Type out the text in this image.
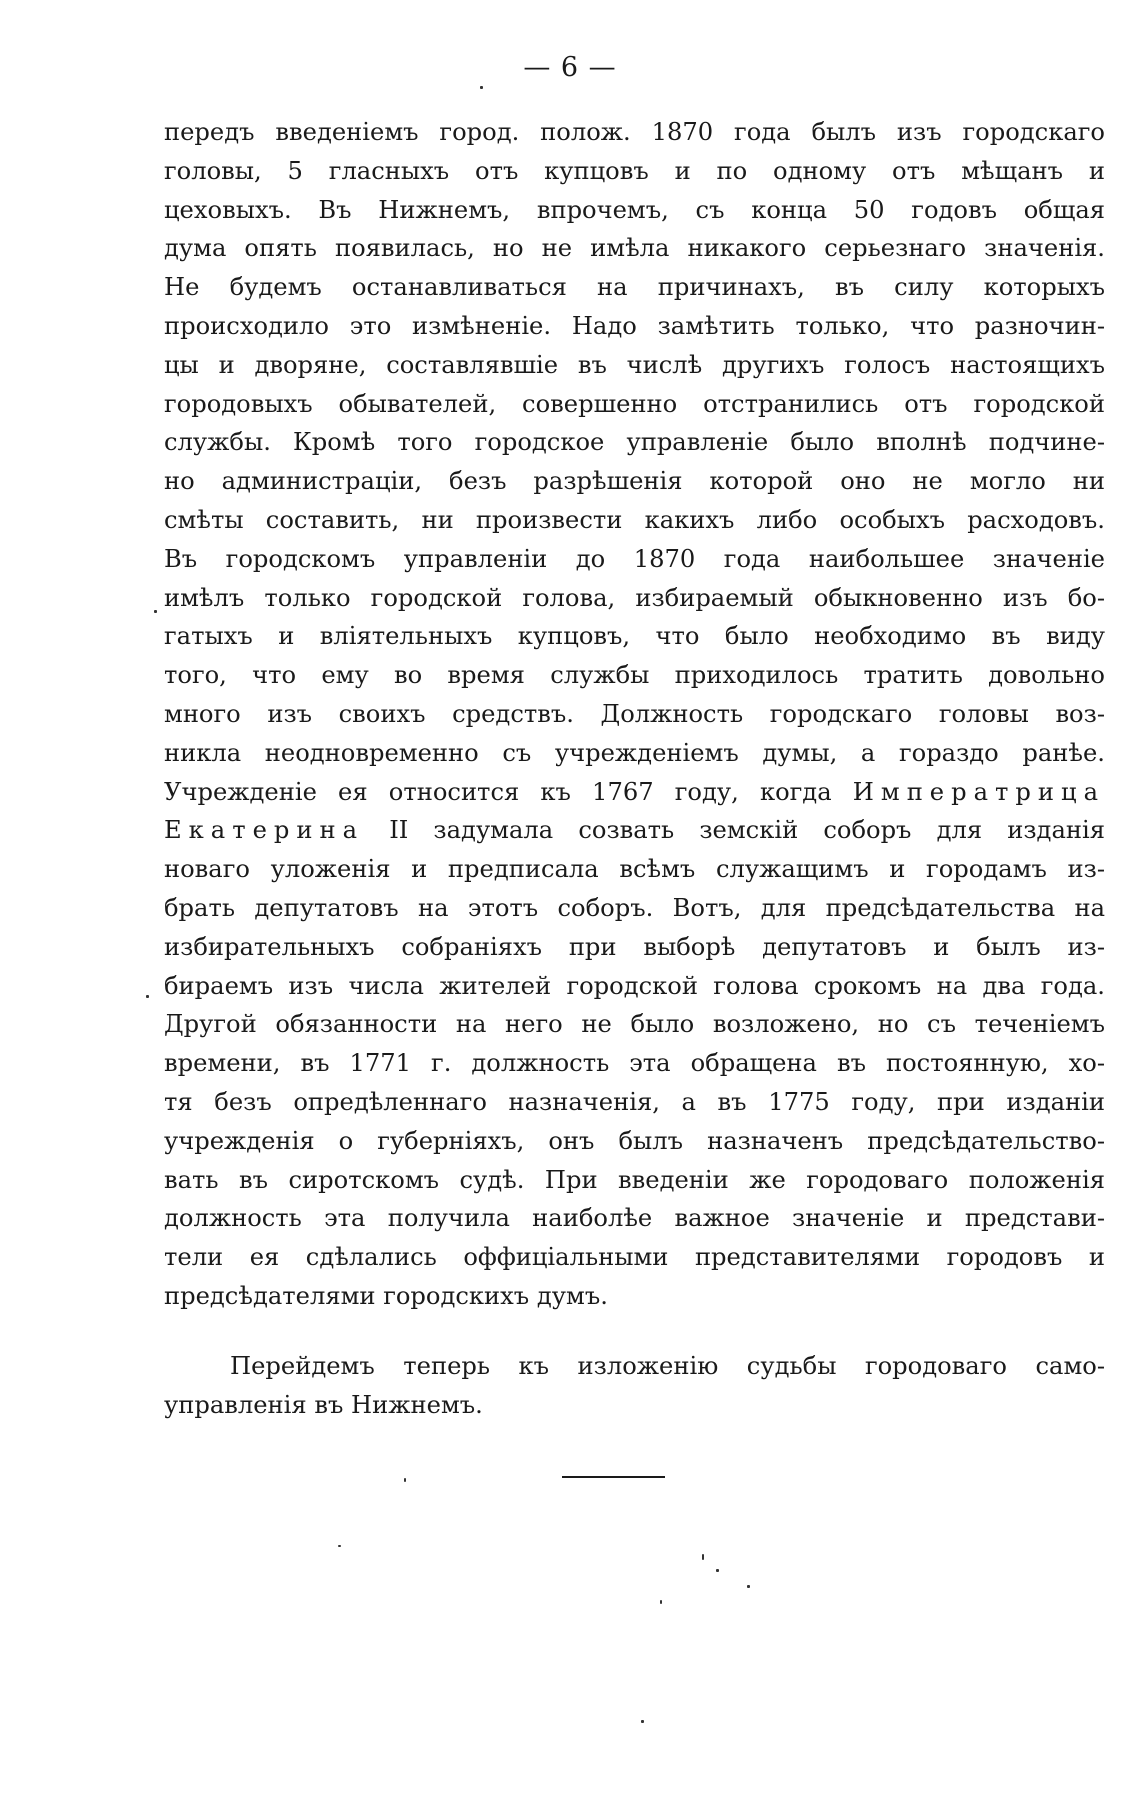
— 6 —
передъ введеніемъ город. полож. 1870 года былъ изъ городскаго
головы, 5 гласныхъ отъ купцовъ и по одному отъ мѣщанъ и
цеховыхъ. Въ Нижнемъ, впрочемъ, съ конца 50 годовъ общая
дума опять появилась, но не имѣла никакого серьезнаго значенія.
Не будемъ останавливаться на причинахъ, въ силу которыхъ
происходило это измѣненіе. Надо замѣтить только, что разночин-
цы и дворяне, составлявшіе въ числѣ другихъ голосъ настоящихъ
городовыхъ обывателей, совершенно отстранились отъ городской
службы. Кромѣ того городское управленіе было вполнѣ подчине-
но администраціи, безъ разрѣшенія которой оно не могло ни
смѣты составить, ни произвести какихъ либо особыхъ расходовъ.
Въ городскомъ управленіи до 1870 года наибольшее значеніе
имѣлъ только городской голова, избираемый обыкновенно изъ бо-
гатыхъ и вліятельныхъ купцовъ, что было необходимо въ виду
того, что ему во время службы приходилось тратить довольно
много изъ своихъ средствъ. Должность городскаго головы воз-
никла неодновременно съ учрежденіемъ думы, а гораздо ранѣе.
Учрежденіе ея относится къ 1767 году, когда Императрица
Екатерина II задумала созвать земскій соборъ для изданія
новаго уложенія и предписала всѣмъ служащимъ и городамъ из-
брать депутатовъ на этотъ соборъ. Вотъ, для предсѣдательства на
избирательныхъ собраніяхъ при выборѣ депутатовъ и былъ из-
бираемъ изъ числа жителей городской голова срокомъ на два года.
Другой обязанности на него не было возложено, но съ теченіемъ
времени, въ 1771 г. должность эта обращена въ постоянную, хо-
тя безъ опредѣленнаго назначенія, а въ 1775 году, при изданіи
учрежденія о губерніяхъ, онъ былъ назначенъ предсѣдательство-
вать въ сиротскомъ судѣ. При введеніи же городоваго положенія
должность эта получила наиболѣе важное значеніе и представи-
тели ея сдѣлались оффиціальными представителями городовъ и
предсѣдателями городскихъ думъ.
Перейдемъ теперь къ изложенію судьбы городоваго само-
управленія въ Нижнемъ.
